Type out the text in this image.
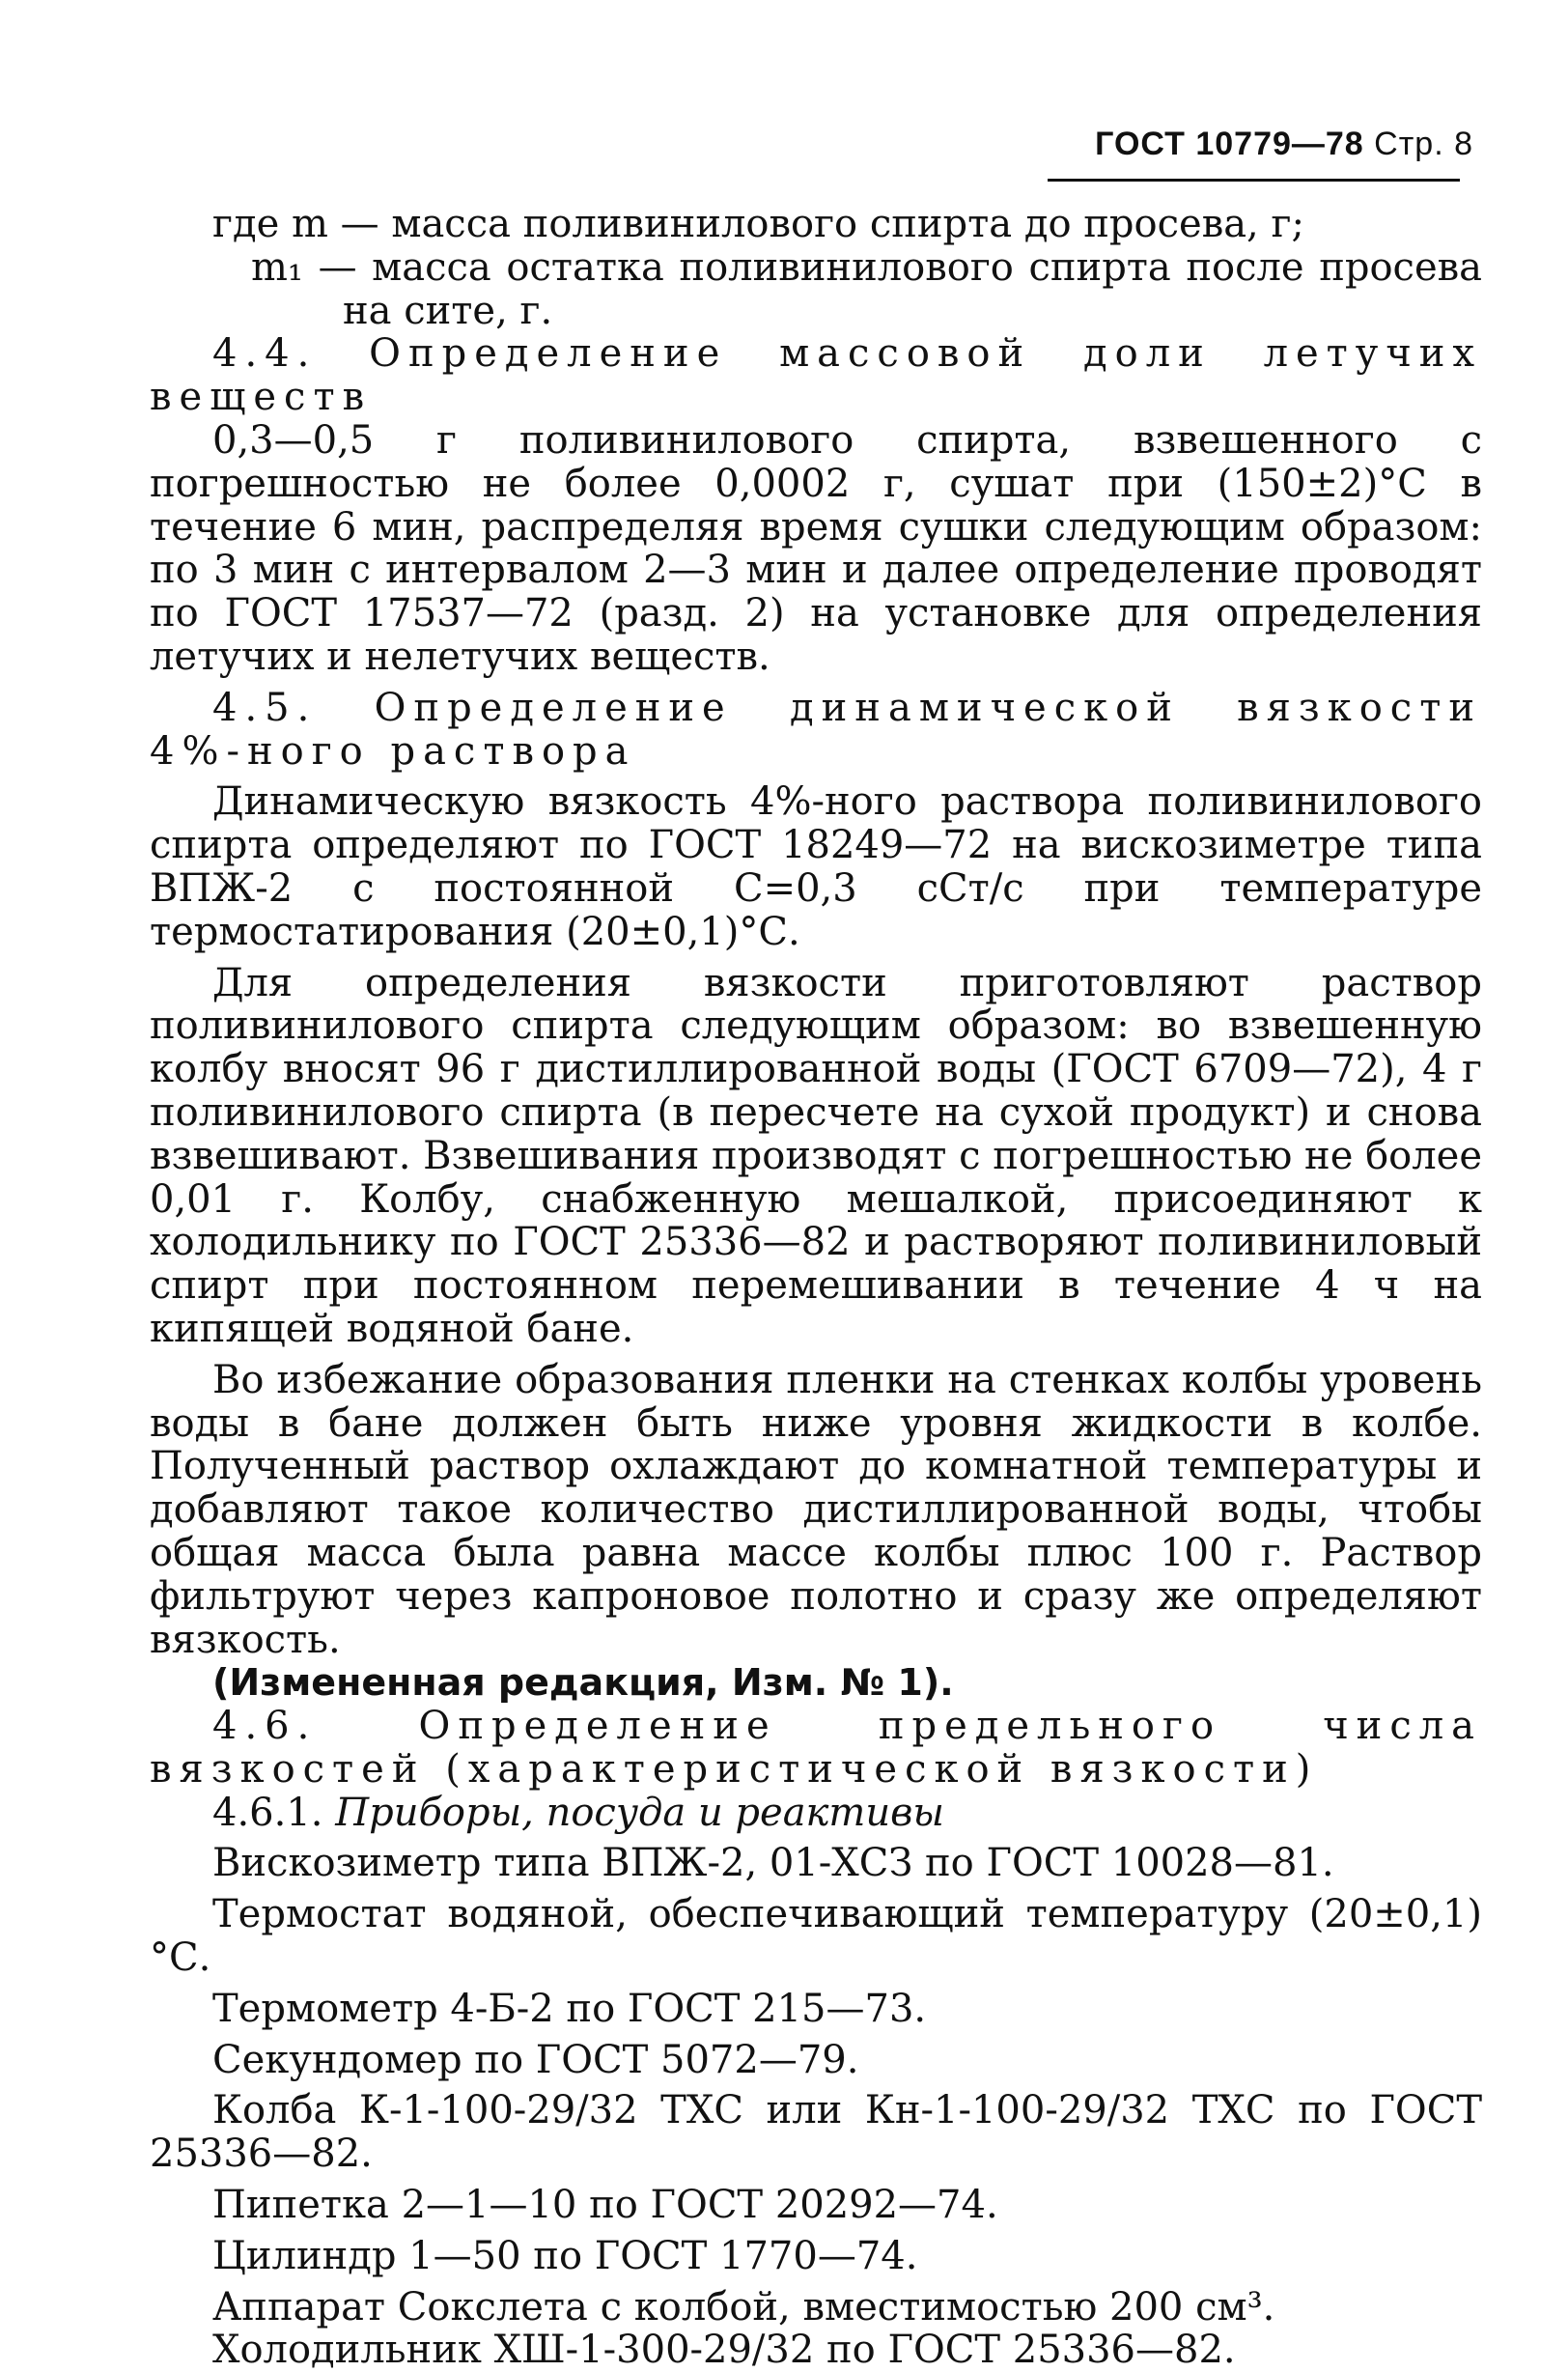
ГОСТ 10779—78 Стр. 8
где m — масса поливинилового спирта до просева, г;
m₁ — масса остатка поливинилового спирта после просева на сите, г.
4.4. Определение массовой доли летучих веществ
0,3—0,5 г поливинилового спирта, взвешенного с погрешностью не более 0,0002 г, сушат при (150±2)°С в течение 6 мин, распределяя время сушки следующим образом: по 3 мин с интервалом 2—3 мин и далее определение проводят по ГОСТ 17537—72 (разд. 2) на установке для определения летучих и нелетучих веществ.
4.5. Определение динамической вязкости 4%-ного раствора
Динамическую вязкость 4%-ного раствора поливинилового спирта определяют по ГОСТ 18249—72 на вискозиметре типа ВПЖ-2 с постоянной С=0,3 сСт/с при температуре термостатирования (20±0,1)°С.
Для определения вязкости приготовляют раствор поливинилового спирта следующим образом: во взвешенную колбу вносят 96 г дистиллированной воды (ГОСТ 6709—72), 4 г поливинилового спирта (в пересчете на сухой продукт) и снова взвешивают. Взвешивания производят с погрешностью не более 0,01 г. Колбу, снабженную мешалкой, присоединяют к холодильнику по ГОСТ 25336—82 и растворяют поливиниловый спирт при постоянном перемешивании в течение 4 ч на кипящей водяной бане.
Во избежание образования пленки на стенках колбы уровень воды в бане должен быть ниже уровня жидкости в колбе. Полученный раствор охлаждают до комнатной температуры и добавляют такое количество дистиллированной воды, чтобы общая масса была равна массе колбы плюс 100 г. Раствор фильтруют через капроновое полотно и сразу же определяют вязкость.
(Измененная редакция, Изм. № 1).
4.6. Определение предельного числа вязкостей (характеристической вязкости)
4.6.1. Приборы, посуда и реактивы
Вискозиметр типа ВПЖ-2, 01-ХСЗ по ГОСТ 10028—81.
Термостат водяной, обеспечивающий температуру (20±0,1)°С.
Термометр 4-Б-2 по ГОСТ 215—73.
Секундомер по ГОСТ 5072—79.
Колба К-1-100-29/32 ТХС или Кн-1-100-29/32 ТХС по ГОСТ 25336—82.
Пипетка 2—1—10 по ГОСТ 20292—74.
Цилиндр 1—50 по ГОСТ 1770—74.
Аппарат Сокслета с колбой, вместимостью 200 см³.
Холодильник ХШ-1-300-29/32 по ГОСТ 25336—82.
